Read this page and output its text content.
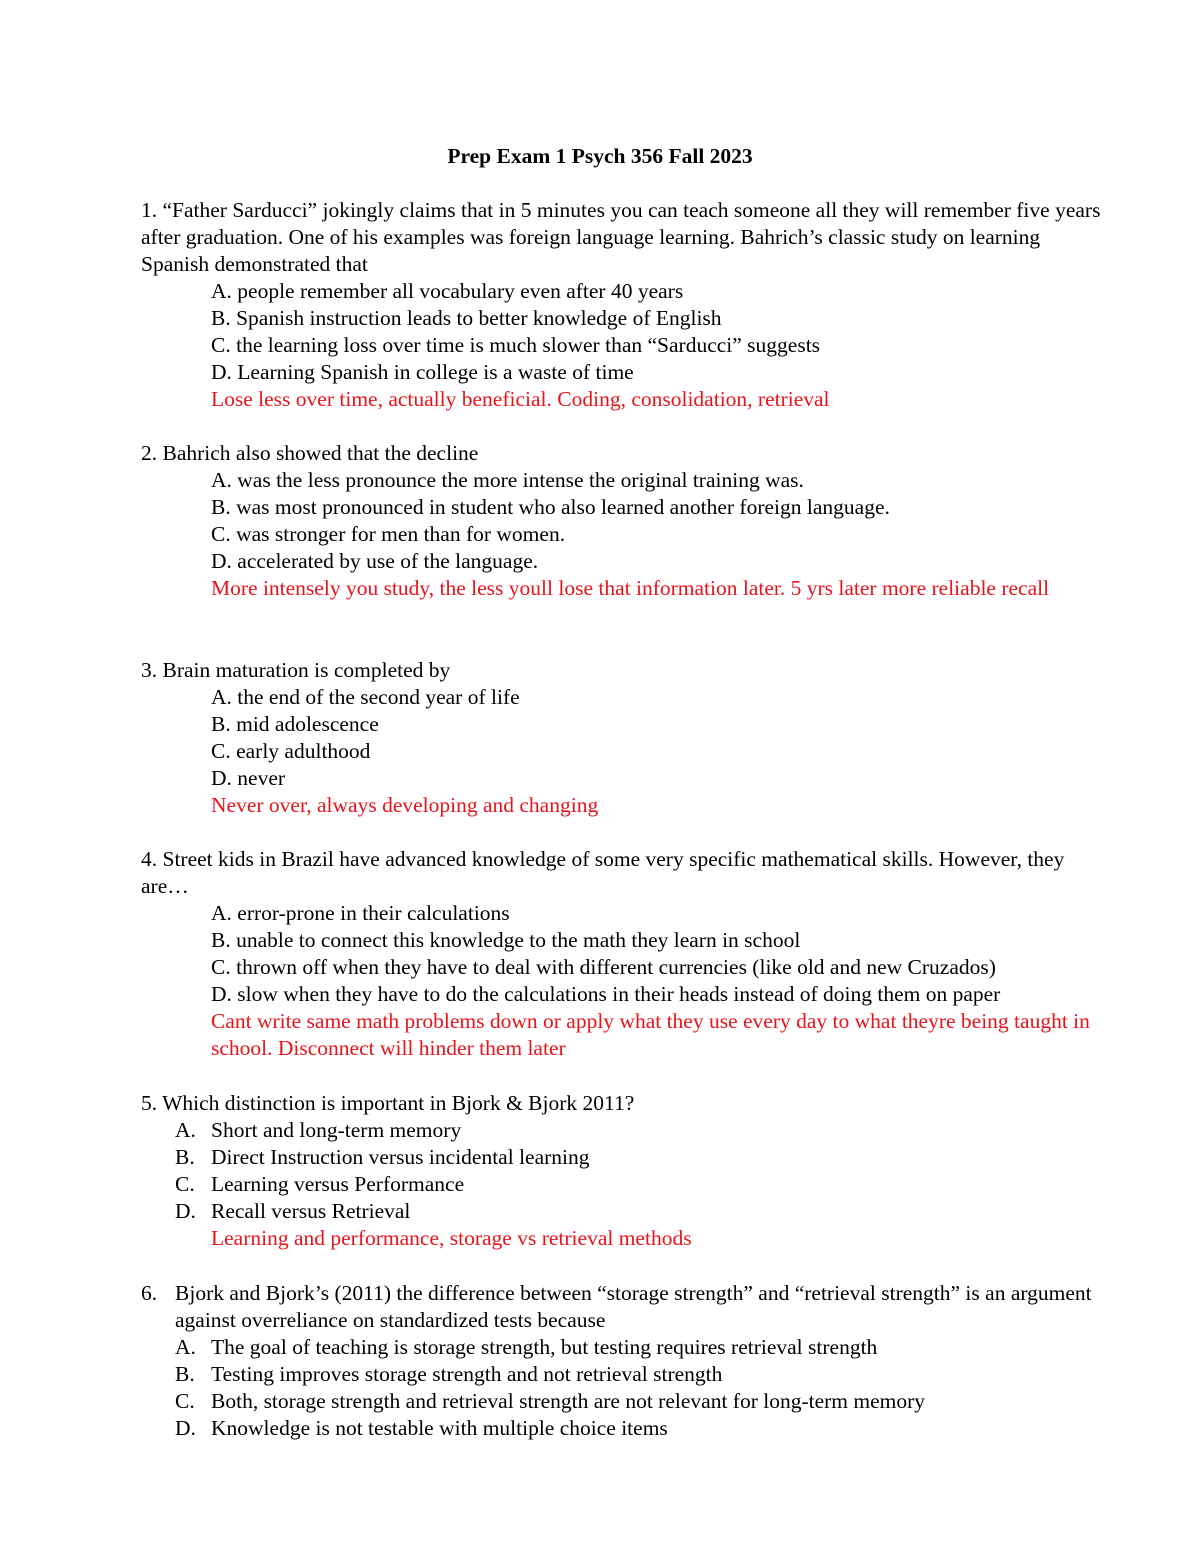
Prep Exam 1 Psych 356 Fall 2023

1. “Father Sarducci” jokingly claims that in 5 minutes you can teach someone all they will remember five years after graduation. One of his examples was foreign language learning. Bahrich’s classic study on learning Spanish demonstrated that

A. people remember all vocabulary even after 40 years

B. Spanish instruction leads to better knowledge of English

C. the learning loss over time is much slower than “Sarducci” suggests

D. Learning Spanish in college is a waste of time

Lose less over time, actually beneficial. Coding, consolidation, retrieval

2. Bahrich also showed that the decline

A. was the less pronounce the more intense the original training was.

B. was most pronounced in student who also learned another foreign language.

C. was stronger for men than for women.

D. accelerated by use of the language.

More intensely you study, the less youll lose that information later. 5 yrs later more reliable recall

3. Brain maturation is completed by

A. the end of the second year of life

B. mid adolescence

C. early adulthood

D. never

Never over, always developing and changing

4. Street kids in Brazil have advanced knowledge of some very specific mathematical skills. However, they are…

A. error-prone in their calculations

B. unable to connect this knowledge to the math they learn in school

C. thrown off when they have to deal with different currencies (like old and new Cruzados)

D. slow when they have to do the calculations in their heads instead of doing them on paper

Cant write same math problems down or apply what they use every day to what theyre being taught in school. Disconnect will hinder them later

5. Which distinction is important in Bjork & Bjork 2011?

A. Short and long-term memory

B. Direct Instruction versus incidental learning

C. Learning versus Performance

D. Recall versus Retrieval

Learning and performance, storage vs retrieval methods

6. Bjork and Bjork’s (2011) the difference between “storage strength” and “retrieval strength” is an argument against overreliance on standardized tests because

A. The goal of teaching is storage strength, but testing requires retrieval strength

B. Testing improves storage strength and not retrieval strength

C. Both, storage strength and retrieval strength are not relevant for long-term memory

D. Knowledge is not testable with multiple choice items
